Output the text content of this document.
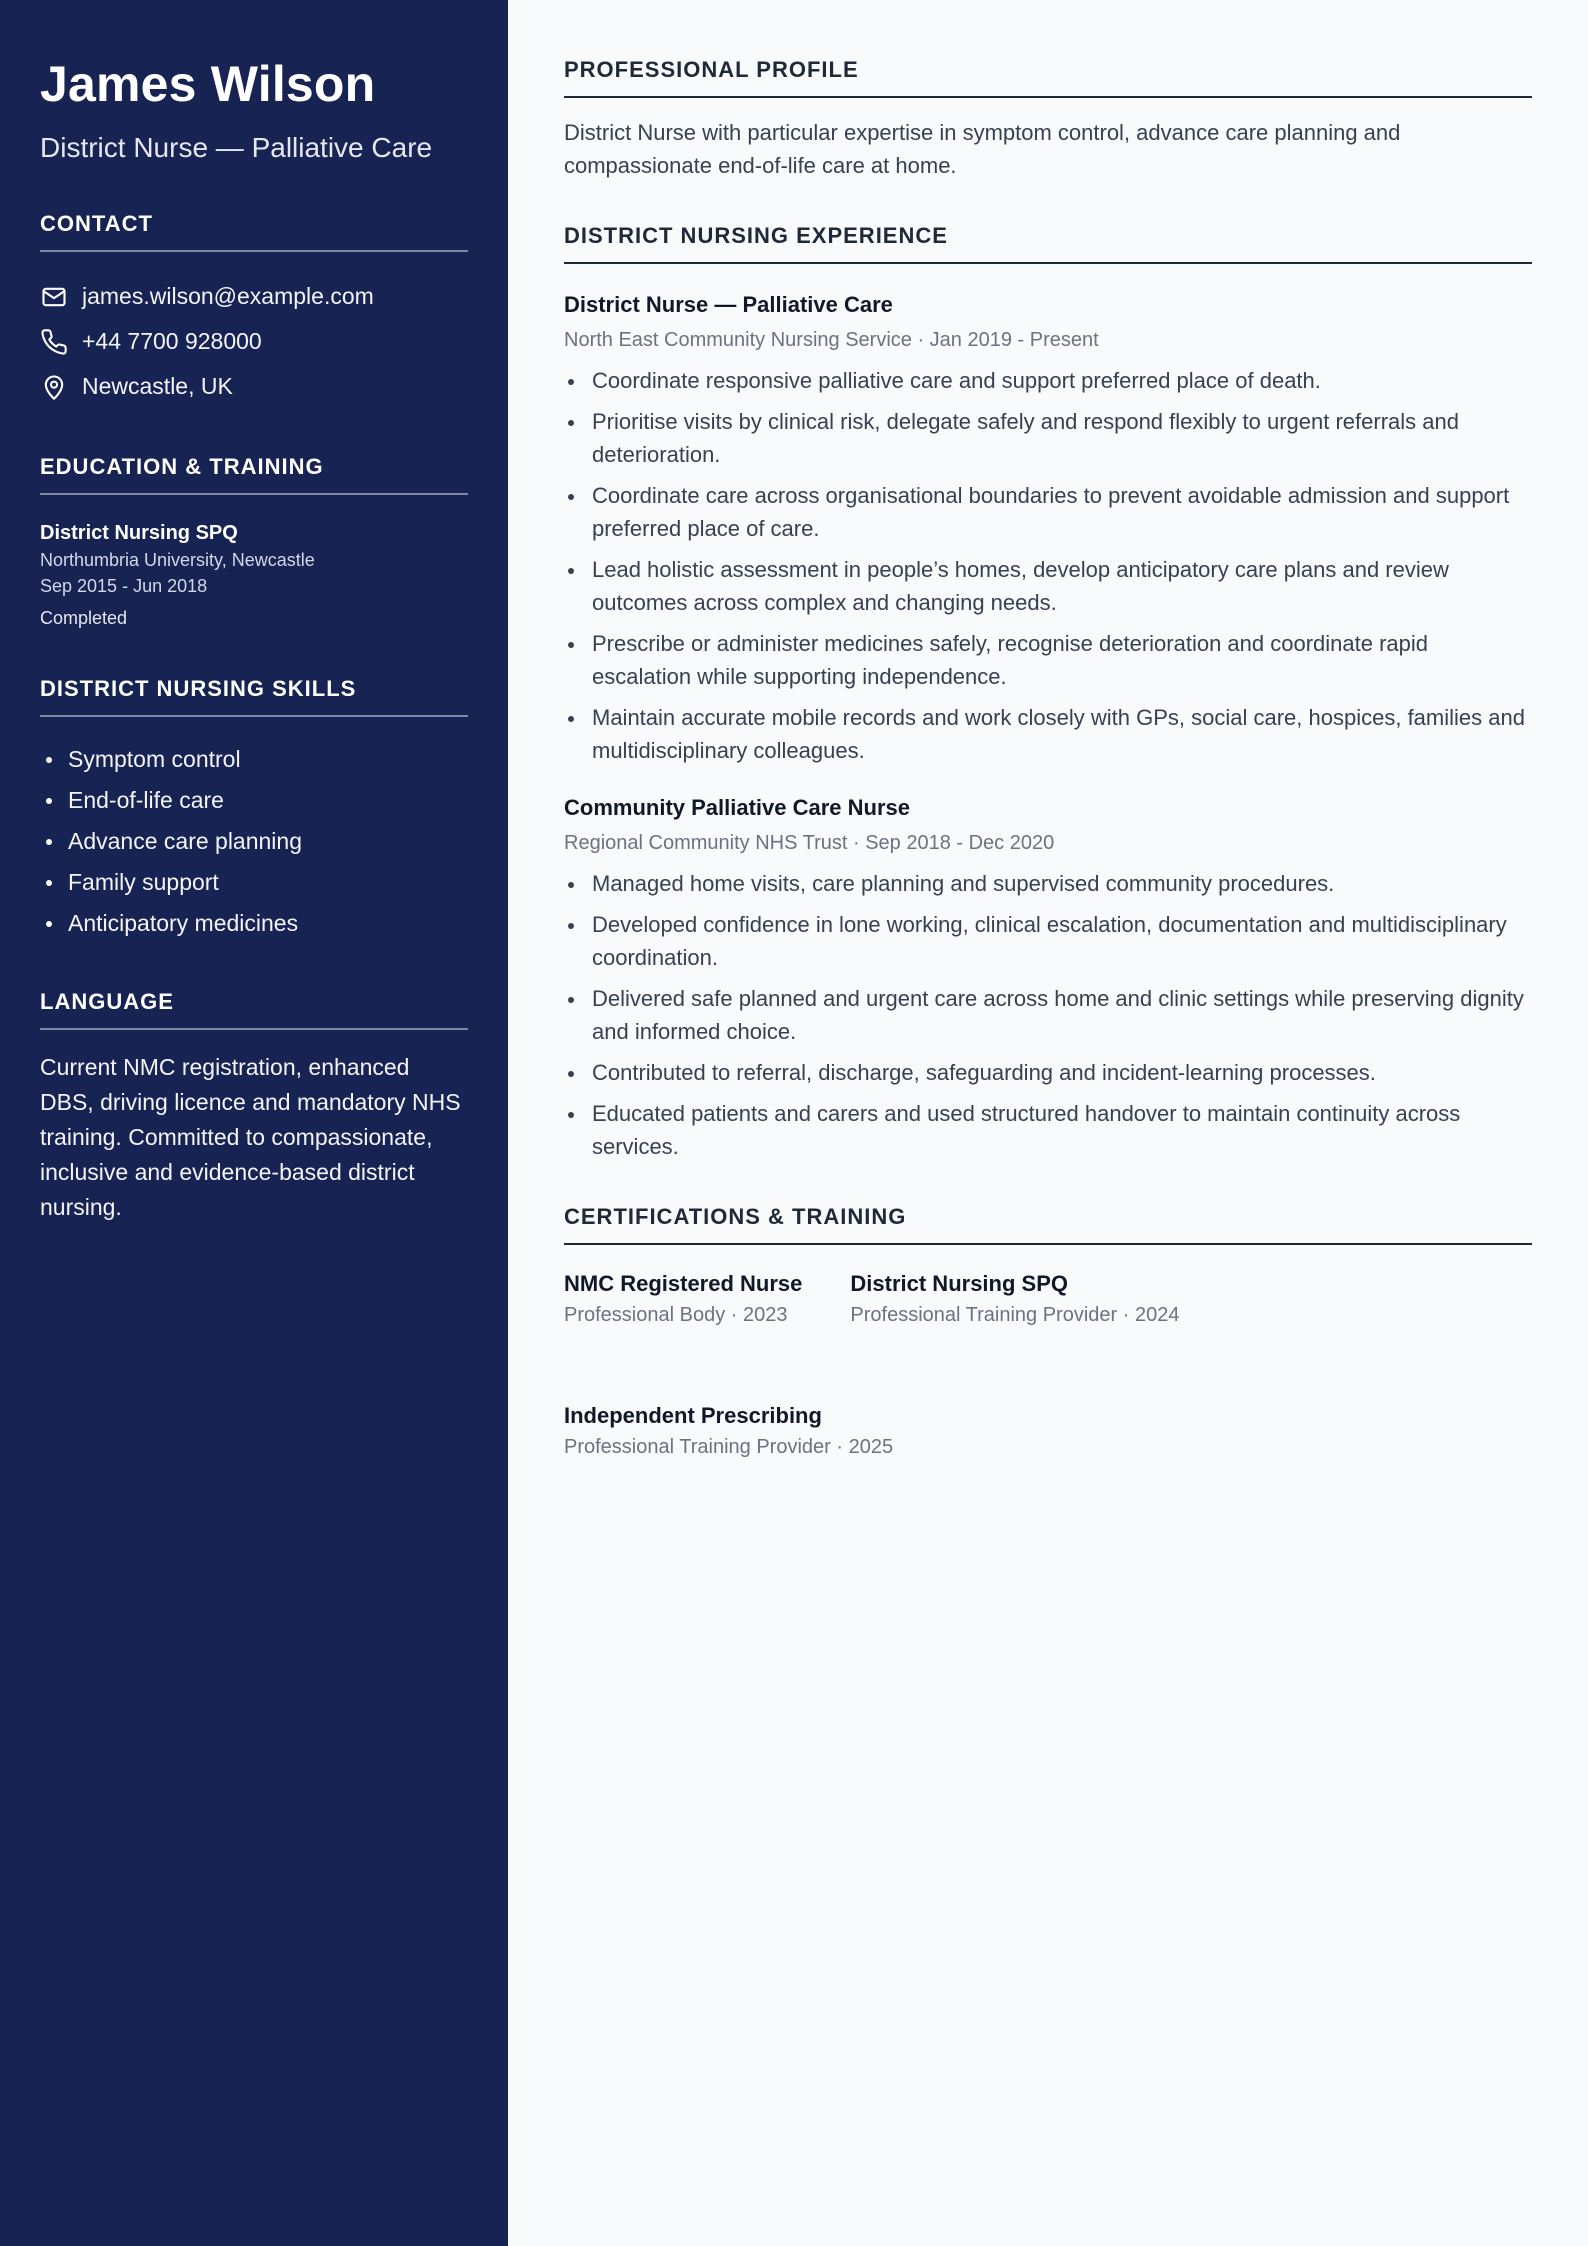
James Wilson
District Nurse — Palliative Care
CONTACT
james.wilson@example.com
+44 7700 928000
Newcastle, UK
EDUCATION & TRAINING
District Nursing SPQ
Northumbria University, Newcastle
Sep 2015 - Jun 2018
Completed
DISTRICT NURSING SKILLS
Symptom control
End-of-life care
Advance care planning
Family support
Anticipatory medicines
LANGUAGE

Current NMC registration, enhanced DBS, driving licence and mandatory NHS training. Committed to compassionate, inclusive and evidence-based district nursing.

PROFESSIONAL PROFILE

District Nurse with particular expertise in symptom control, advance care planning and compassionate end-of-life care at home.

DISTRICT NURSING EXPERIENCE
District Nurse — Palliative Care
North East Community Nursing Service · Jan 2019 - Present
Coordinate responsive palliative care and support preferred place of death.
Prioritise visits by clinical risk, delegate safely and respond flexibly to urgent referrals and deterioration.
Coordinate care across organisational boundaries to prevent avoidable admission and support preferred place of care.
Lead holistic assessment in people’s homes, develop anticipatory care plans and review outcomes across complex and changing needs.
Prescribe or administer medicines safely, recognise deterioration and coordinate rapid escalation while supporting independence.
Maintain accurate mobile records and work closely with GPs, social care, hospices, families and multidisciplinary colleagues.
Community Palliative Care Nurse
Regional Community NHS Trust · Sep 2018 - Dec 2020
Managed home visits, care planning and supervised community procedures.
Developed confidence in lone working, clinical escalation, documentation and multidisciplinary coordination.
Delivered safe planned and urgent care across home and clinic settings while preserving dignity and informed choice.
Contributed to referral, discharge, safeguarding and incident-learning processes.
Educated patients and carers and used structured handover to maintain continuity across services.
CERTIFICATIONS & TRAINING
NMC Registered Nurse
Professional Body · 2023
District Nursing SPQ
Professional Training Provider · 2024
Independent Prescribing
Professional Training Provider · 2025
